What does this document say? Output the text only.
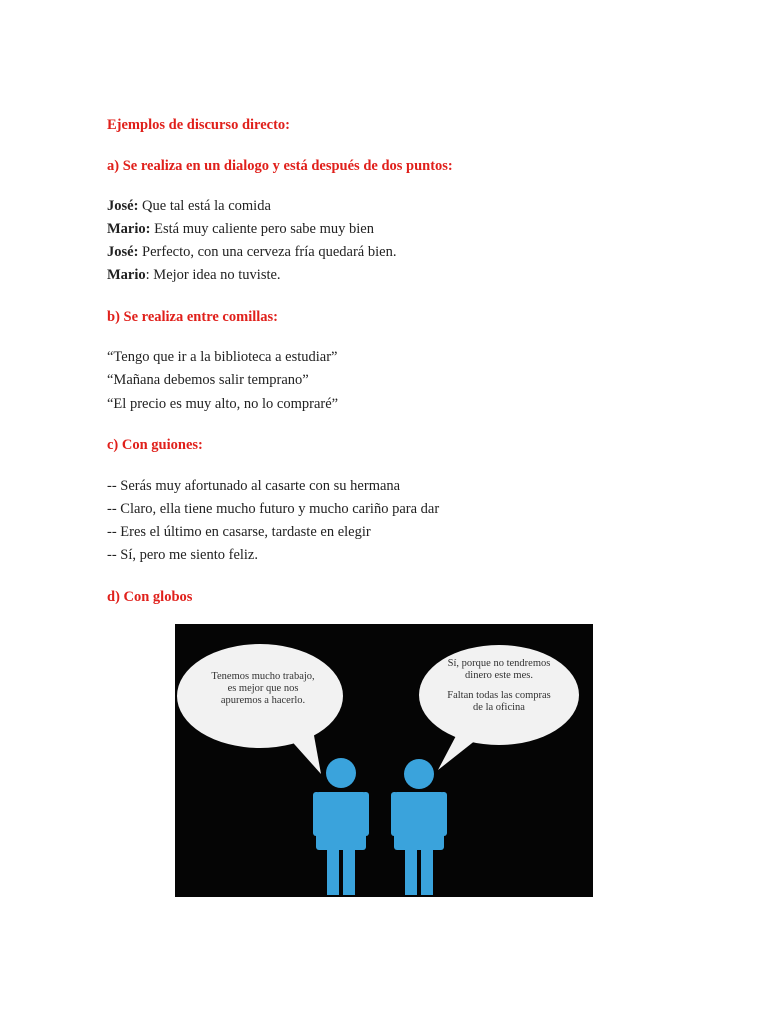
Ejemplos de discurso directo:
a) Se realiza en un dialogo y está después de dos puntos:
José: Que tal está la comida
Mario: Está muy caliente pero sabe muy bien
José: Perfecto, con una cerveza fría quedará bien.
Mario: Mejor idea no tuviste.
b) Se realiza entre comillas:
“Tengo que ir a la biblioteca a estudiar”
“Mañana debemos salir temprano”
“El precio es muy alto, no lo compraré”
c) Con guiones:
-- Serás muy afortunado al casarte con su hermana
-- Claro, ella tiene mucho futuro y mucho cariño para dar
-- Eres el último en casarse, tardaste en elegir
-- Sí, pero me siento feliz.
d) Con globos
Tenemos mucho trabajo,
es mejor que nos
apuremos a hacerlo.
Sí, porque no tendremos
dinero este mes.
Faltan todas las compras
de la oficina
